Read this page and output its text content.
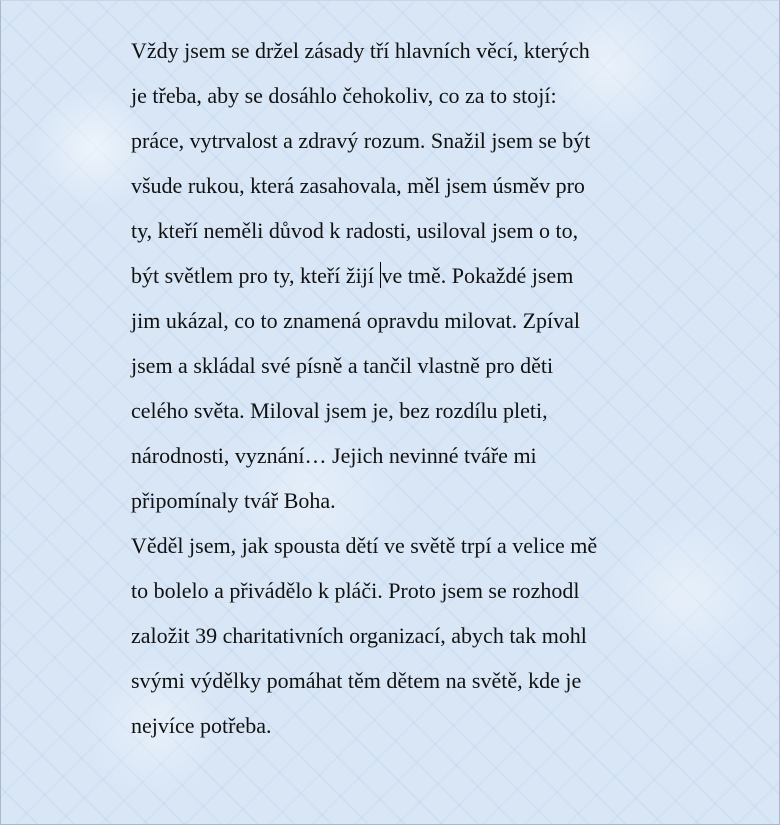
Vždy jsem se držel zásady tří hlavních věcí, kterých
je třeba, aby se dosáhlo čehokoliv, co za to stojí:
práce, vytrvalost a zdravý rozum. Snažil jsem se být
všude rukou, která zasahovala, měl jsem úsměv pro
ty, kteří neměli důvod k radosti, usiloval jsem o to,
být světlem pro ty, kteří žijí ve tmě. Pokaždé jsem
jim ukázal, co to znamená opravdu milovat. Zpíval
jsem a skládal své písně a tančil vlastně pro děti
celého světa. Miloval jsem je, bez rozdílu pleti,
národnosti, vyznání… Jejich nevinné tváře mi
připomínaly tvář Boha.
Věděl jsem, jak spousta dětí ve světě trpí a velice mě
to bolelo a přivádělo k pláči. Proto jsem se rozhodl
založit 39 charitativních organizací, abych tak mohl
svými výdělky pomáhat těm dětem na světě, kde je
nejvíce potřeba.
